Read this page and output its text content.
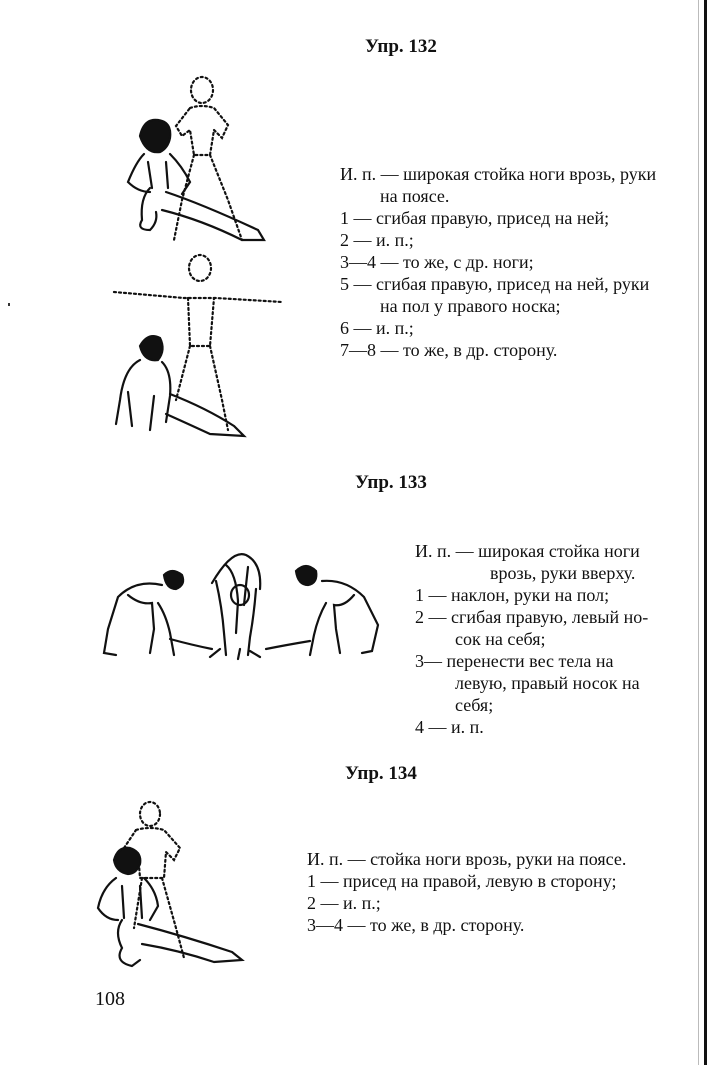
Упр. 132
И. п. — широкая стойка ноги врозь, руки
на поясе.
1 — сгибая правую, присед на ней;
2 — и. п.;
3—4 — то же, с др. ноги;
5 — сгибая правую, присед на ней, руки
на пол у правого носка;
6 — и. п.;
7—8 — то же, в др. сторону.
Упр. 133
И. п. — широкая стойка ноги
врозь, руки вверху.
1 — наклон, руки на пол;
2 — сгибая правую, левый но-
сок на себя;
3— перенести вес тела на
левую, правый носок на
себя;
4 — и. п.
Упр. 134
И. п. — стойка ноги врозь, руки на поясе.
1 — присед на правой, левую в сторону;
2 — и. п.;
3—4 — то же, в др. сторону.
108
